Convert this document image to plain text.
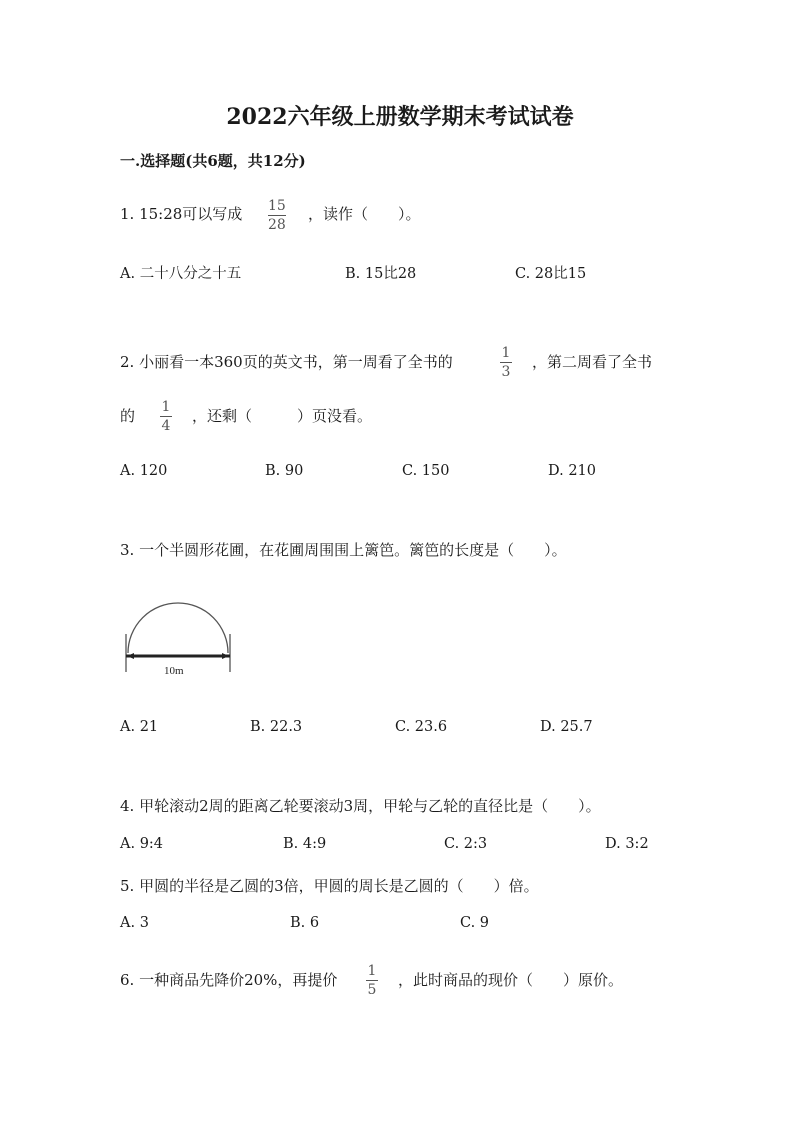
2022六年级上册数学期末考试试卷
一.选择题(共6题，共12分)
1. 15:28可以写成 15
28
，读作（　　）。
A. 二十八分之十五	B. 15比28	C. 28比15
2. 小丽看一本360页的英文书，第一周看了全书的	1
3
，第二周看了全书
的 1
4
，还剩（　　　）页没看。
A. 120	B. 90	C. 150	D. 210
3. 一个半圆形花圃，在花圃周围围上篱笆。篱笆的长度是（　　）。
10m
A. 21	B. 22.3	C. 23.6	D. 25.7
4. 甲轮滚动2周的距离乙轮要滚动3周，甲轮与乙轮的直径比是（　　）。
A. 9:4	B. 4:9	C. 2:3	D. 3:2
5. 甲圆的半径是乙圆的3倍，甲圆的周长是乙圆的（　　）倍。
A. 3	B. 6	C. 9
6. 一种商品先降价20%，再提价 1
5
，此时商品的现价（　　）原价。
